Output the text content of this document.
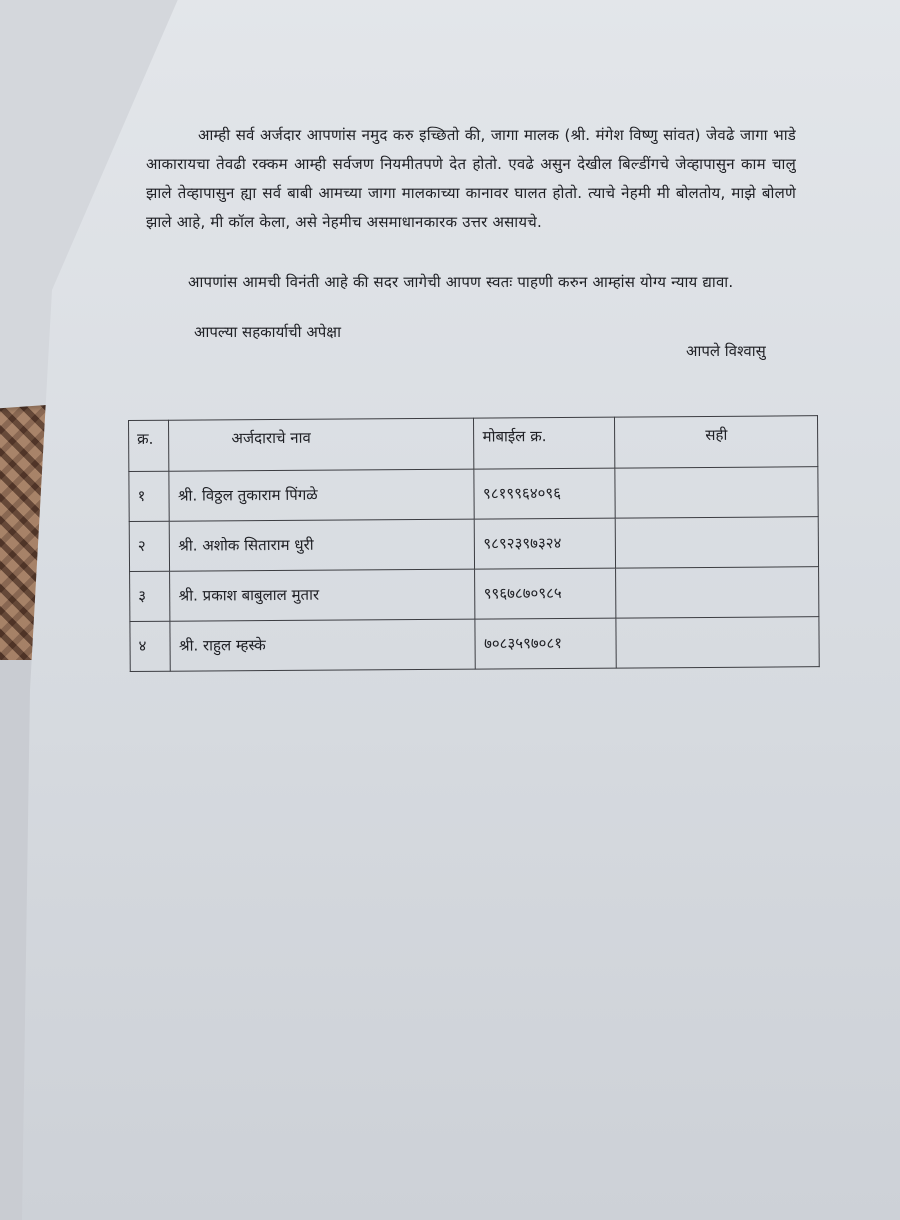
आम्ही सर्व अर्जदार आपणांस नमुद करु इच्छितो की, जागा मालक (श्री. मंगेश विष्णु सांवत) जेवढे जागा भाडे आकारायचा तेवढी रक्कम आम्ही सर्वजण नियमीतपणे देत होतो. एवढे असुन देखील बिल्डींगचे जेव्हापासुन काम चालु झाले तेव्हापासुन ह्या सर्व बाबी आमच्या जागा मालकाच्या कानावर घालत होतो. त्याचे नेहमी मी बोलतोय, माझे बोलणे झाले आहे, मी कॉल केला, असे नेहमीच असमाधानकारक उत्तर असायचे.

आपणांस आमची विनंती आहे की सदर जागेची आपण स्वतः पाहणी करुन आम्हांस योग्य न्याय द्यावा.

आपल्या सहकार्याची अपेक्षा
आपले विश्वासु
क्र.	अर्जदाराचे नाव	मोबाईल क्र.	सही
१	श्री. विठ्ठल तुकाराम पिंगळे	९८१९९६४०९६	
२	श्री. अशोक सिताराम धुरी	९८९२३९७३२४	
३	श्री. प्रकाश बाबुलाल मुतार	९९६७८७०९८५	
४	श्री. राहुल म्हस्के	७०८३५९७०८१	
